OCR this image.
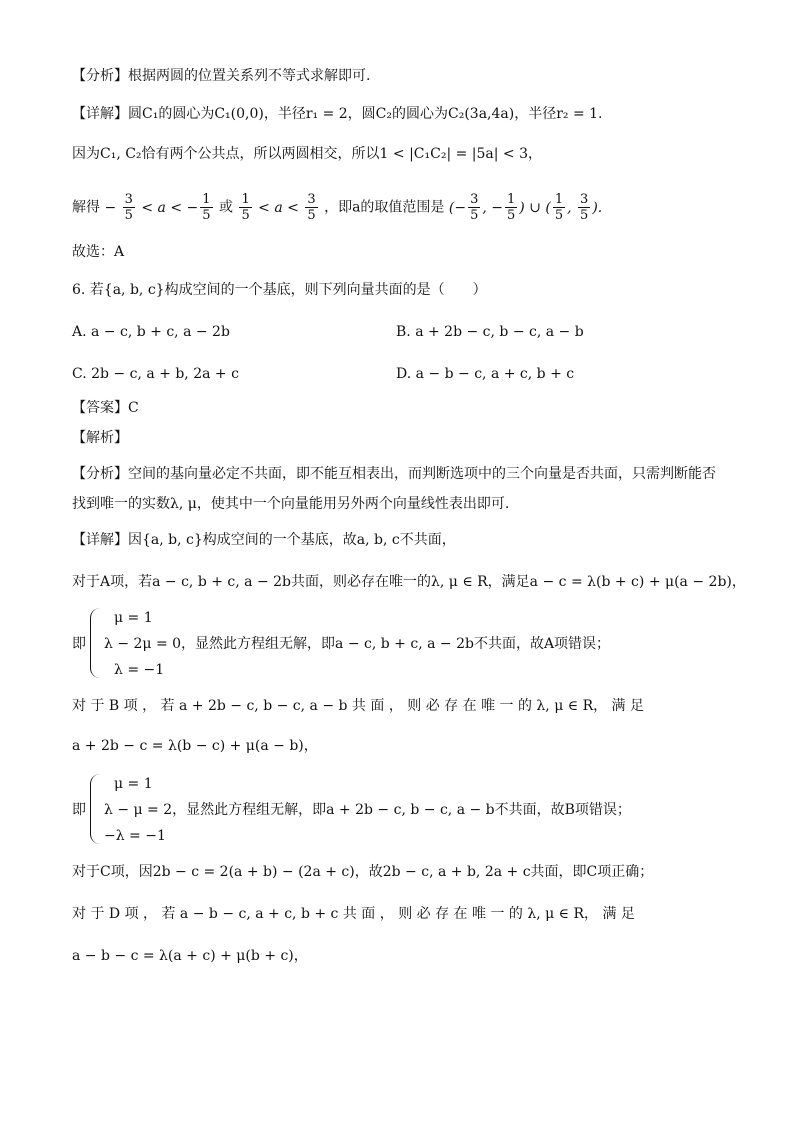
【分析】根据两圆的位置关系列不等式求解即可.
【详解】圆C₁的圆心为C₁(0,0)，半径r₁ = 2，圆C₂的圆心为C₂(3a,4a)，半径r₂ = 1.
因为C₁, C₂恰有两个公共点，所以两圆相交，所以1 < |C₁C₂| = |5a| < 3，
解得 − $\frac{3}{5} < a$ < − $\frac{1}{5}$ 或 $\frac{1}{5} < a < \frac{3}{5}$ ，即a的取值范围是 (− $\frac{3}{5}$ , − $\frac{1}{5}$ ) ∪ ( $\frac{1}{5}$ , $\frac{3}{5}$ ).
故选：A
6. 若{a, b, c}构成空间的一个基底，则下列向量共面的是（　　）
A. a − c, b + c, a − 2b	B. a + 2b − c, b − c, a − b
C. 2b − c, a + b, 2a + c	D. a − b − c, a + c, b + c
【答案】C
【解析】
【分析】空间的基向量必定不共面，即不能互相表出，而判断选项中的三个向量是否共面，只需判断能否
找到唯一的实数λ, μ，使其中一个向量能用另外两个向量线性表出即可.
【详解】因{a, b, c}构成空间的一个基底，故a, b, c不共面，
对于A项，若a − c, b + c, a − 2b共面，则必存在唯一的λ, μ ∈ R，满足a − c = λ(b + c) + μ(a − 2b)，
即
μ = 1
λ − 2μ = 0，显然此方程组无解，即a − c, b + c, a − 2b不共面，故A项错误；
λ = −1
对 于 B 项 ， 若 a + 2b − c, b − c, a − b 共 面 ， 则 必 存 在 唯 一 的 λ, μ ∈ R， 满 足
a + 2b − c = λ(b − c) + μ(a − b)，
即
μ = 1
λ − μ = 2，显然此方程组无解，即a + 2b − c, b − c, a − b不共面，故B项错误；
−λ = −1
对于C项，因2b − c = 2(a + b) − (2a + c)，故2b − c, a + b, 2a + c共面，即C项正确；
对 于 D 项 ， 若 a − b − c, a + c, b + c 共 面 ， 则 必 存 在 唯 一 的 λ, μ ∈ R， 满 足
a − b − c = λ(a + c) + μ(b + c)，
